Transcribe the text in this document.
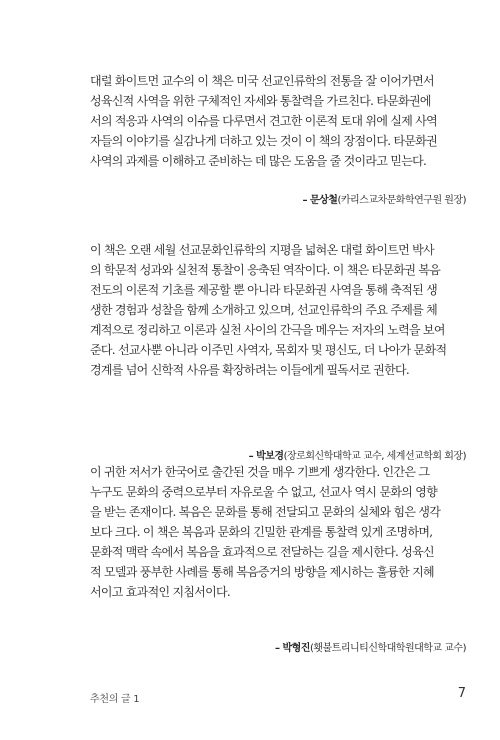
대럴 화이트먼 교수의 이 책은 미국 선교인류학의 전통을 잘 이어가면서

성육신적 사역을 위한 구체적인 자세와 통찰력을 가르친다. 타문화권에

서의 적응과 사역의 이슈를 다루면서 견고한 이론적 토대 위에 실제 사역

자들의 이야기를 실감나게 더하고 있는 것이 이 책의 장점이다. 타문화권

사역의 과제를 이해하고 준비하는 데 많은 도움을 줄 것이라고 믿는다.

– 문상철(카리스교차문화학연구원 원장)

이 책은 오랜 세월 선교문화인류학의 지평을 넓혀온 대럴 화이트먼 박사

의 학문적 성과와 실천적 통찰이 응축된 역작이다. 이 책은 타문화권 복음

전도의 이론적 기초를 제공할 뿐 아니라 타문화권 사역을 통해 축적된 생

생한 경험과 성찰을 함께 소개하고 있으며, 선교인류학의 주요 주제를 체

계적으로 정리하고 이론과 실천 사이의 간극을 메우는 저자의 노력을 보여

준다. 선교사뿐 아니라 이주민 사역자, 목회자 및 평신도, 더 나아가 문화적

경계를 넘어 신학적 사유를 확장하려는 이들에게 필독서로 권한다.

– 박보경(장로회신학대학교 교수, 세계선교학회 회장)

이 귀한 저서가 한국어로 출간된 것을 매우 기쁘게 생각한다. 인간은 그

누구도 문화의 중력으로부터 자유로울 수 없고, 선교사 역시 문화의 영향

을 받는 존재이다. 복음은 문화를 통해 전달되고 문화의 실체와 힘은 생각

보다 크다. 이 책은 복음과 문화의 긴밀한 관계를 통찰력 있게 조명하며,

문화적 맥락 속에서 복음을 효과적으로 전달하는 길을 제시한다. 성육신

적 모델과 풍부한 사례를 통해 복음증거의 방향을 제시하는 훌륭한 지혜

서이고 효과적인 지침서이다.

– 박형진(횃불트리니티신학대학원대학교 교수)
추천의 글 1	7
